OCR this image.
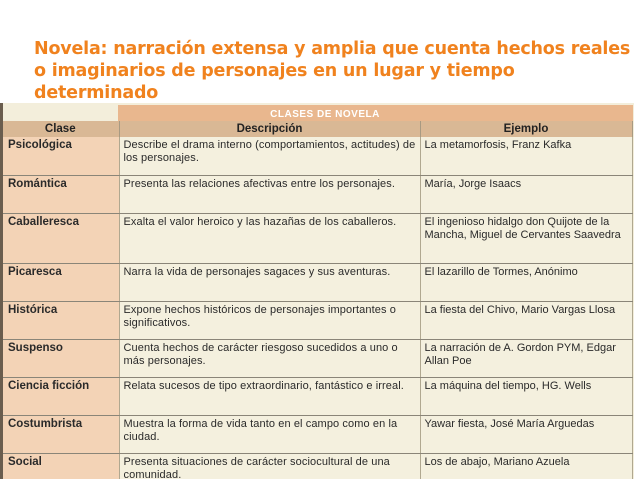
Novela: narración extensa y amplia que cuenta hechos reales o imaginarios de personajes en un lugar y tiempo determinado
CLASES DE NOVELA
Clase	Descripción	Ejemplo
Psicológica	Describe el drama interno (comportamientos, actitudes) de los personajes.	La metamorfosis, Franz Kafka
Romántica	Presenta las relaciones afectivas entre los personajes.	María, Jorge Isaacs
Caballeresca	Exalta el valor heroico y las hazañas de los caballeros.	El ingenioso hidalgo don Quijote de la Mancha, Miguel de Cervantes Saavedra
Picaresca	Narra la vida de personajes sagaces y sus aventuras.	El lazarillo de Tormes, Anónimo
Histórica	Expone hechos históricos de personajes importantes o significativos.	La fiesta del Chivo, Mario Vargas Llosa
Suspenso	Cuenta hechos de carácter riesgoso sucedidos a uno o más personajes.	La narración de A. Gordon PYM, Edgar Allan Poe
Ciencia ficción	Relata sucesos de tipo extraordinario, fantástico e irreal.	La máquina del tiempo, HG. Wells
Costumbrista	Muestra la forma de vida tanto en el campo como en la ciudad.	Yawar fiesta, José María Arguedas
Social	Presenta situaciones de carácter sociocultural de una comunidad.	Los de abajo, Mariano Azuela
